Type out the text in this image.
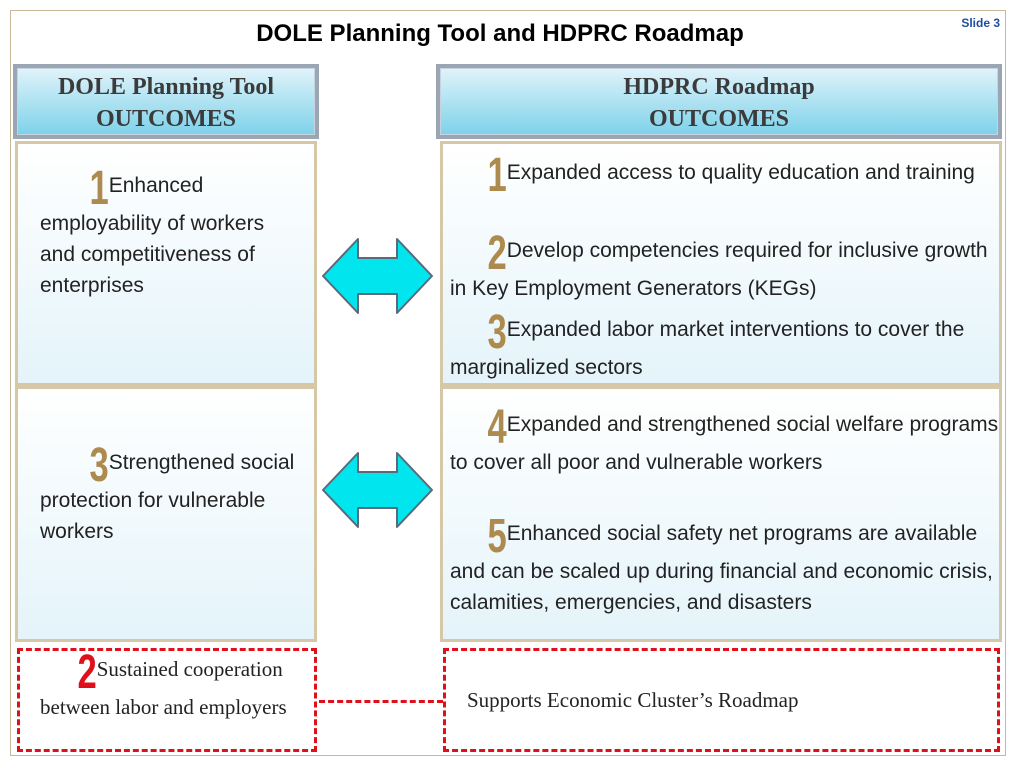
DOLE Planning Tool and HDPRC Roadmap	Slide 3
DOLE Planning Tool
OUTCOMES
HDPRC Roadmap
OUTCOMES
1Enhanced employability of workers and competitiveness of enterprises
3Strengthened social protection for vulnerable workers
2Sustained cooperation between labor and employers
1Expanded access to quality education and training
2Develop competencies required for inclusive growth in Key Employment Generators (KEGs)
3Expanded labor market interventions to cover the marginalized sectors
4Expanded and strengthened social welfare programs to cover all poor and vulnerable workers
5Enhanced social safety net programs are available and can be scaled up during financial and economic crisis, calamities, emergencies, and disasters
Supports Economic Cluster’s Roadmap
